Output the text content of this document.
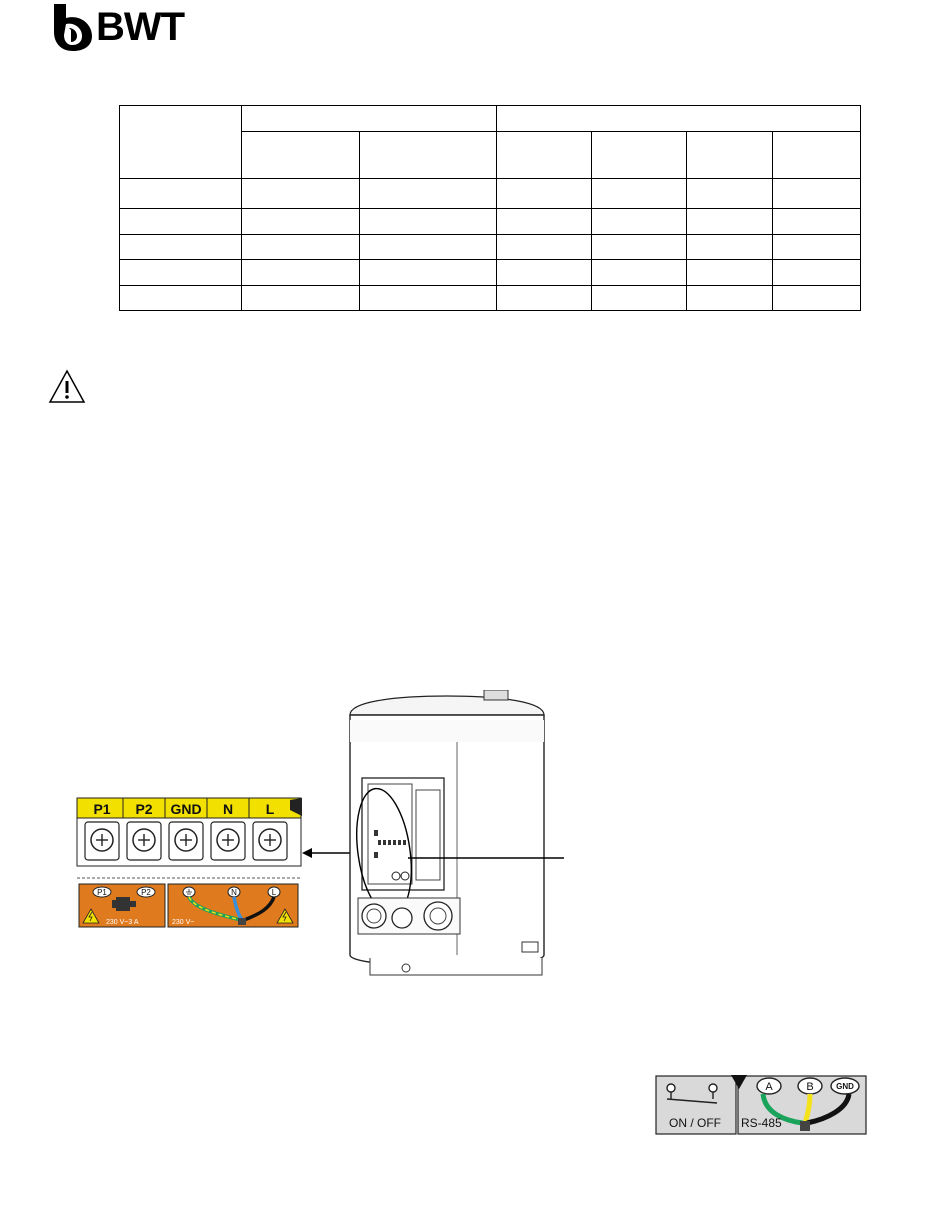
BWT

P1 P2 GND N L
P1	P2	N	L
230 V~3 A	230 V~
ON / OFF
A	B	GND
RS-485
